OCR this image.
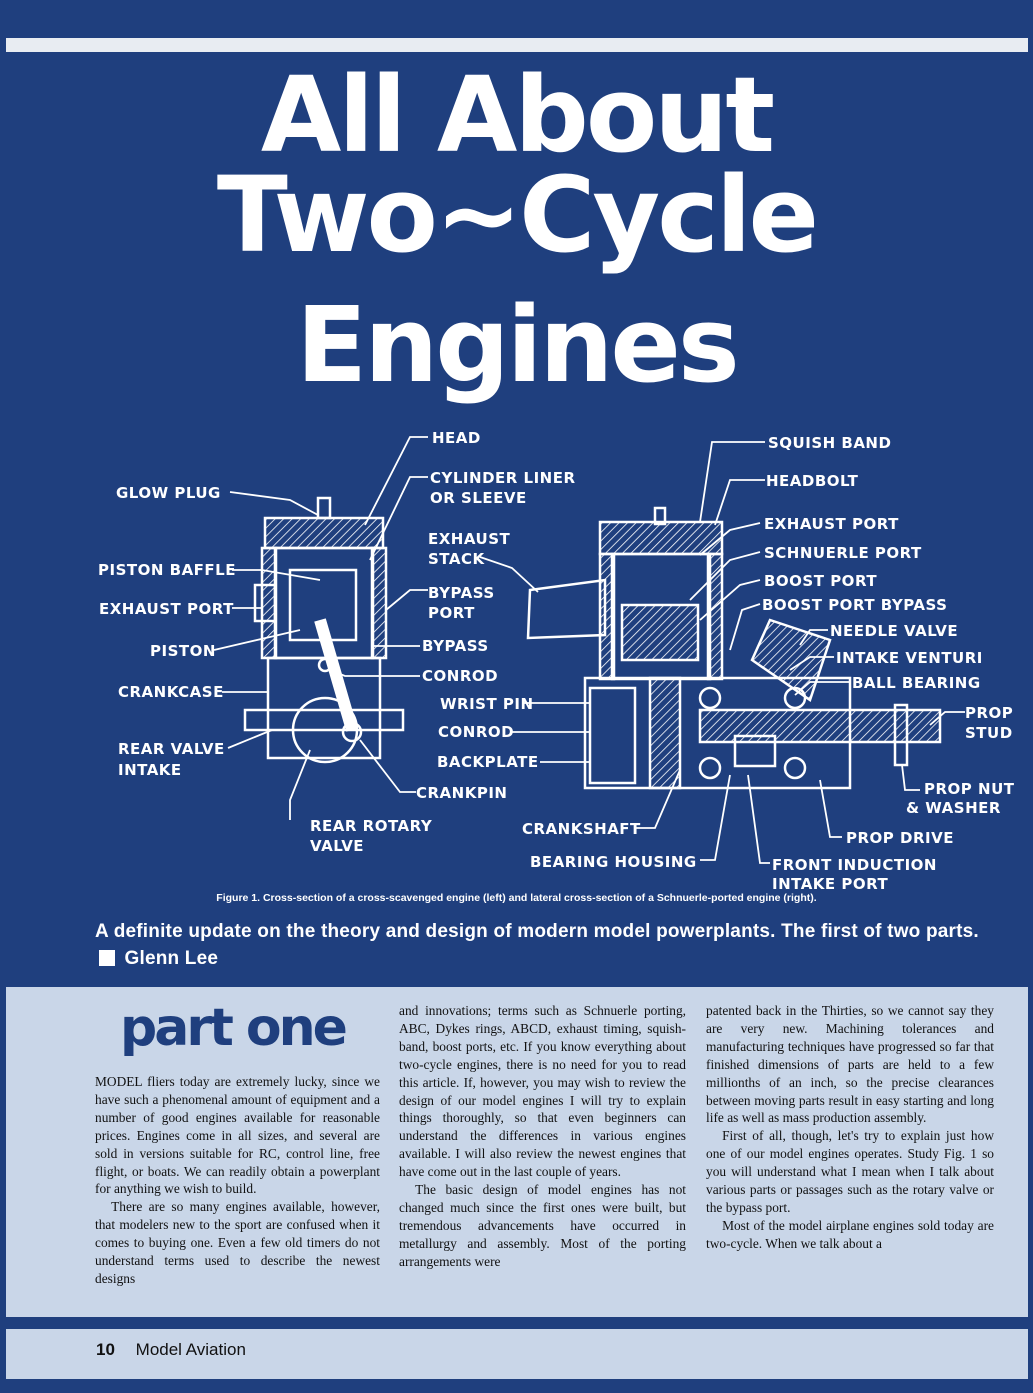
All About
Two~Cycle
Engines
HEAD
CYLINDER LINER
OR SLEEVE
GLOW PLUG
EXHAUST
STACK
PISTON BAFFLE
BYPASS
PORT
EXHAUST PORT
BYPASS
PISTON
CONROD
CRANKCASE
REAR VALVE
INTAKE
CRANKPIN
REAR ROTARY
VALVE
SQUISH BAND
HEADBOLT
EXHAUST PORT
SCHNUERLE PORT
BOOST PORT
BOOST PORT BYPASS
NEEDLE VALVE
INTAKE VENTURI
BALL BEARING
PROP
STUD
WRIST PIN
CONROD
BACKPLATE
PROP NUT
& WASHER
CRANKSHAFT	PROP DRIVE
BEARING HOUSING	FRONT INDUCTION
INTAKE PORT
Figure 1. Cross-section of a cross-scavenged engine (left) and lateral cross-section of a Schnuerle-ported engine (right).
A definite update on the theory and design of modern model powerplants. The first of two parts.  Glenn Lee
part one

MODEL fliers today are extremely lucky, since we have such a phenomenal amount of equipment and a number of good engines available for reasonable prices. Engines come in all sizes, and several are sold in versions suitable for RC, control line, free flight, or boats. We can readily obtain a powerplant for anything we wish to build.

There are so many engines available, however, that modelers new to the sport are confused when it comes to buying one. Even a few old timers do not understand terms used to describe the newest designs

and innovations; terms such as Schnuerle porting, ABC, Dykes rings, ABCD, exhaust timing, squish-band, boost ports, etc. If you know everything about two-cycle engines, there is no need for you to read this article. If, however, you may wish to review the design of our model engines I will try to explain things thoroughly, so that even beginners can understand the differences in various engines available. I will also review the newest engines that have come out in the last couple of years.

The basic design of model engines has not changed much since the first ones were built, but tremendous advancements have occurred in metallurgy and assembly. Most of the porting arrangements were

patented back in the Thirties, so we cannot say they are very new. Machining tolerances and manufacturing techniques have progressed so far that finished dimensions of parts are held to a few millionths of an inch, so the precise clearances between moving parts result in easy starting and long life as well as mass production assembly.

First of all, though, let's try to explain just how one of our model engines operates. Study Fig. 1 so you will understand what I mean when I talk about various parts or passages such as the rotary valve or the bypass port.

Most of the model airplane engines sold today are two-cycle. When we talk about a

10 Model Aviation
